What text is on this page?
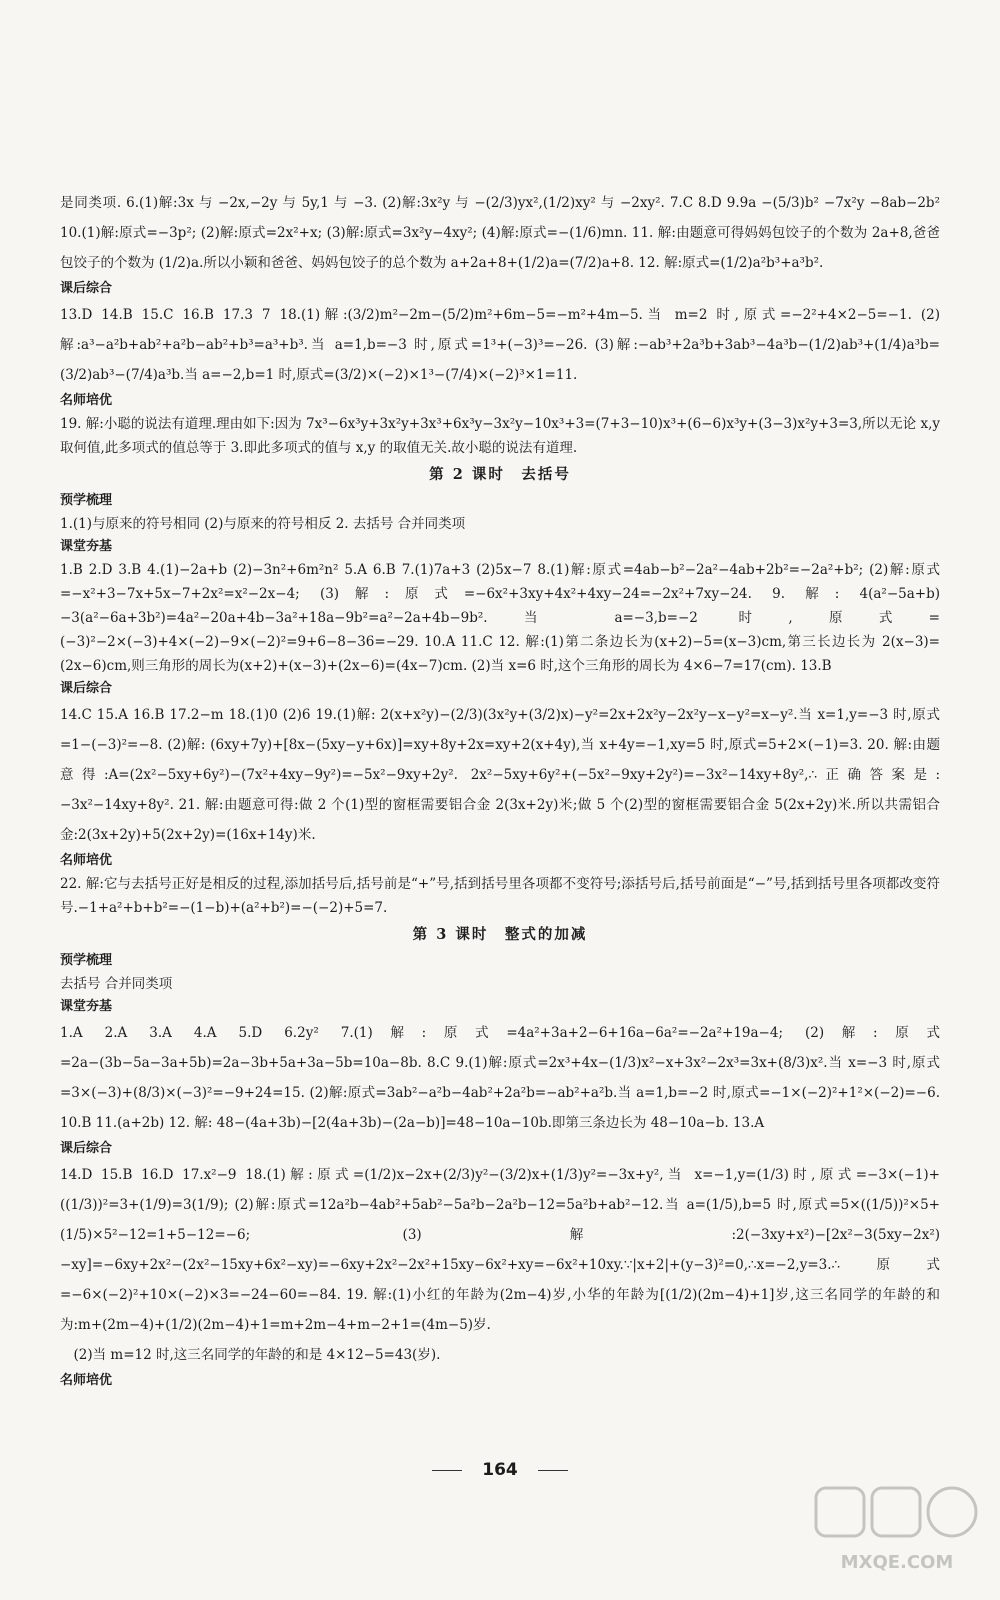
是同类项. 6.(1)解:3x 与 −2x,−2y 与 5y,1 与 −3. (2)解:3x²y 与 −(2/3)yx²,(1/2)xy² 与 −2xy². 7.C 8.D 9.9a −(5/3)b² −7x²y −8ab−2b² 10.(1)解:原式=−3p²; (2)解:原式=2x²+x; (3)解:原式=3x²y−4xy²; (4)解:原式=−(1/6)mn. 11. 解:由题意可得妈妈包饺子的个数为 2a+8,爸爸包饺子的个数为 (1/2)a.所以小颖和爸爸、妈妈包饺子的总个数为 a+2a+8+(1/2)a=(7/2)a+8. 12. 解:原式=(1/2)a²b³+a³b².

课后综合

13.D 14.B 15.C 16.B 17.3 7 18.(1)解:(3/2)m²−2m−(5/2)m²+6m−5=−m²+4m−5.当 m=2 时,原式=−2²+4×2−5=−1. (2)解:a³−a²b+ab²+a²b−ab²+b³=a³+b³.当 a=1,b=−3 时,原式=1³+(−3)³=−26. (3)解:−ab³+2a³b+3ab³−4a³b−(1/2)ab³+(1/4)a³b=(3/2)ab³−(7/4)a³b.当 a=−2,b=1 时,原式=(3/2)×(−2)×1³−(7/4)×(−2)³×1=11.

名师培优

19. 解:小聪的说法有道理.理由如下:因为 7x³−6x³y+3x²y+3x³+6x³y−3x²y−10x³+3=(7+3−10)x³+(6−6)x³y+(3−3)x²y+3=3,所以无论 x,y 取何值,此多项式的值总等于 3.即此多项式的值与 x,y 的取值无关.故小聪的说法有道理.

第 2 课时　去括号

预学梳理

1.(1)与原来的符号相同 (2)与原来的符号相反 2. 去括号 合并同类项

课堂夯基

1.B 2.D 3.B 4.(1)−2a+b (2)−3n²+6m²n² 5.A 6.B 7.(1)7a+3 (2)5x−7 8.(1)解:原式=4ab−b²−2a²−4ab+2b²=−2a²+b²; (2)解:原式=−x²+3−7x+5x−7+2x²=x²−2x−4; (3)解:原式=−6x²+3xy+4x²+4xy−24=−2x²+7xy−24. 9. 解: 4(a²−5a+b)−3(a²−6a+3b²)=4a²−20a+4b−3a²+18a−9b²=a²−2a+4b−9b².当 a=−3,b=−2 时,原式=(−3)²−2×(−3)+4×(−2)−9×(−2)²=9+6−8−36=−29. 10.A 11.C 12. 解:(1)第二条边长为(x+2)−5=(x−3)cm,第三长边长为 2(x−3)=(2x−6)cm,则三角形的周长为(x+2)+(x−3)+(2x−6)=(4x−7)cm. (2)当 x=6 时,这个三角形的周长为 4×6−7=17(cm). 13.B

课后综合

14.C 15.A 16.B 17.2−m 18.(1)0 (2)6 19.(1)解: 2(x+x²y)−(2/3)(3x²y+(3/2)x)−y²=2x+2x²y−2x²y−x−y²=x−y².当 x=1,y=−3 时,原式=1−(−3)²=−8. (2)解: (6xy+7y)+[8x−(5xy−y+6x)]=xy+8y+2x=xy+2(x+4y),当 x+4y=−1,xy=5 时,原式=5+2×(−1)=3. 20. 解:由题意得:A=(2x²−5xy+6y²)−(7x²+4xy−9y²)=−5x²−9xy+2y². 2x²−5xy+6y²+(−5x²−9xy+2y²)=−3x²−14xy+8y²,∴正确答案是:−3x²−14xy+8y². 21. 解:由题意可得:做 2 个(1)型的窗框需要铝合金 2(3x+2y)米;做 5 个(2)型的窗框需要铝合金 5(2x+2y)米.所以共需铝合金:2(3x+2y)+5(2x+2y)=(16x+14y)米.

名师培优

22. 解:它与去括号正好是相反的过程,添加括号后,括号前是“+”号,括到括号里各项都不变符号;添括号后,括号前面是“−”号,括到括号里各项都改变符号.−1+a²+b+b²=−(1−b)+(a²+b²)=−(−2)+5=7.

第 3 课时　整式的加减

预学梳理

去括号 合并同类项

课堂夯基

1.A 2.A 3.A 4.A 5.D 6.2y² 7.(1)解:原式=4a²+3a+2−6+16a−6a²=−2a²+19a−4; (2)解:原式=2a−(3b−5a−3a+5b)=2a−3b+5a+3a−5b=10a−8b. 8.C 9.(1)解:原式=2x³+4x−(1/3)x²−x+3x²−2x³=3x+(8/3)x².当 x=−3 时,原式=3×(−3)+(8/3)×(−3)²=−9+24=15. (2)解:原式=3ab²−a²b−4ab²+2a²b=−ab²+a²b.当 a=1,b=−2 时,原式=−1×(−2)²+1²×(−2)=−6. 10.B 11.(a+2b) 12. 解: 48−(4a+3b)−[2(4a+3b)−(2a−b)]=48−10a−10b.即第三条边长为 48−10a−b. 13.A

课后综合

14.D 15.B 16.D 17.x²−9 18.(1)解:原式=(1/2)x−2x+(2/3)y²−(3/2)x+(1/3)y²=−3x+y²,当 x=−1,y=(1/3)时,原式=−3×(−1)+((1/3))²=3+(1/9)=3(1/9); (2)解:原式=12a²b−4ab²+5ab²−5a²b−2a²b−12=5a²b+ab²−12.当 a=(1/5),b=5 时,原式=5×((1/5))²×5+(1/5)×5²−12=1+5−12=−6; (3)解:2(−3xy+x²)−[2x²−3(5xy−2x²)−xy]=−6xy+2x²−(2x²−15xy+6x²−xy)=−6xy+2x²−2x²+15xy−6x²+xy=−6x²+10xy.∵|x+2|+(y−3)²=0,∴x=−2,y=3.∴原式=−6×(−2)²+10×(−2)×3=−24−60=−84. 19. 解:(1)小红的年龄为(2m−4)岁,小华的年龄为[(1/2)(2m−4)+1]岁,这三名同学的年龄的和为:m+(2m−4)+(1/2)(2m−4)+1=m+2m−4+m−2+1=(4m−5)岁.

　(2)当 m=12 时,这三名同学的年龄的和是 4×12−5=43(岁).

名师培优

164
MXQE.COM
